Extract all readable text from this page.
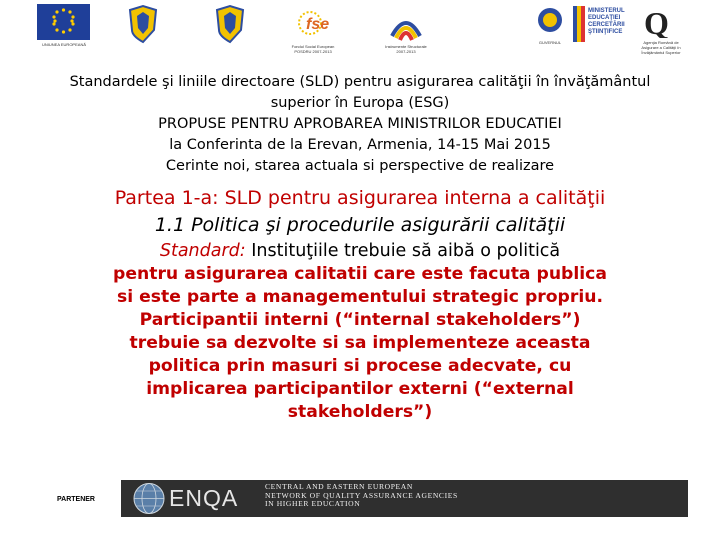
UNIUNEA EUROPEANĂ
fse
Fondul Social European
POSDRU 2007-2013
Instrumente Structurale
2007-2013
GUVERNUL
MINISTERUL
EDUCAŢIEI
CERCETĂRII
ŞTIINŢIFICE Q
Agenţia Română de
Asigurare a Calităţii în
Învăţământul Superior
Standardele şi liniile directoare (SLD) pentru asigurarea calităţii în învăţământul
superior în Europa (ESG)
PROPUSE PENTRU APROBAREA MINISTRILOR EDUCATIEI
la Conferinta de la Erevan, Armenia, 14-15 Mai 2015
Cerinte noi, starea actuala si perspective de realizare
Partea 1-a: SLD pentru asigurarea interna a calităţii
1.1 Politica şi procedurile asigurării calităţii
Standard: Instituţiile trebuie să aibă o politică
pentru asigurarea calitatii care este facuta publica
si este parte a managementului strategic propriu.
Participantii interni (“internal stakeholders”)
trebuie sa dezvolte si sa implementeze aceasta
politica prin masuri si procese adecvate, cu
implicarea participantilor externi (“external
stakeholders”)
PARTENER	ENQA	CENTRAL AND EASTERN EUROPEAN
NETWORK OF QUALITY ASSURANCE AGENCIES
IN HIGHER EDUCATION
